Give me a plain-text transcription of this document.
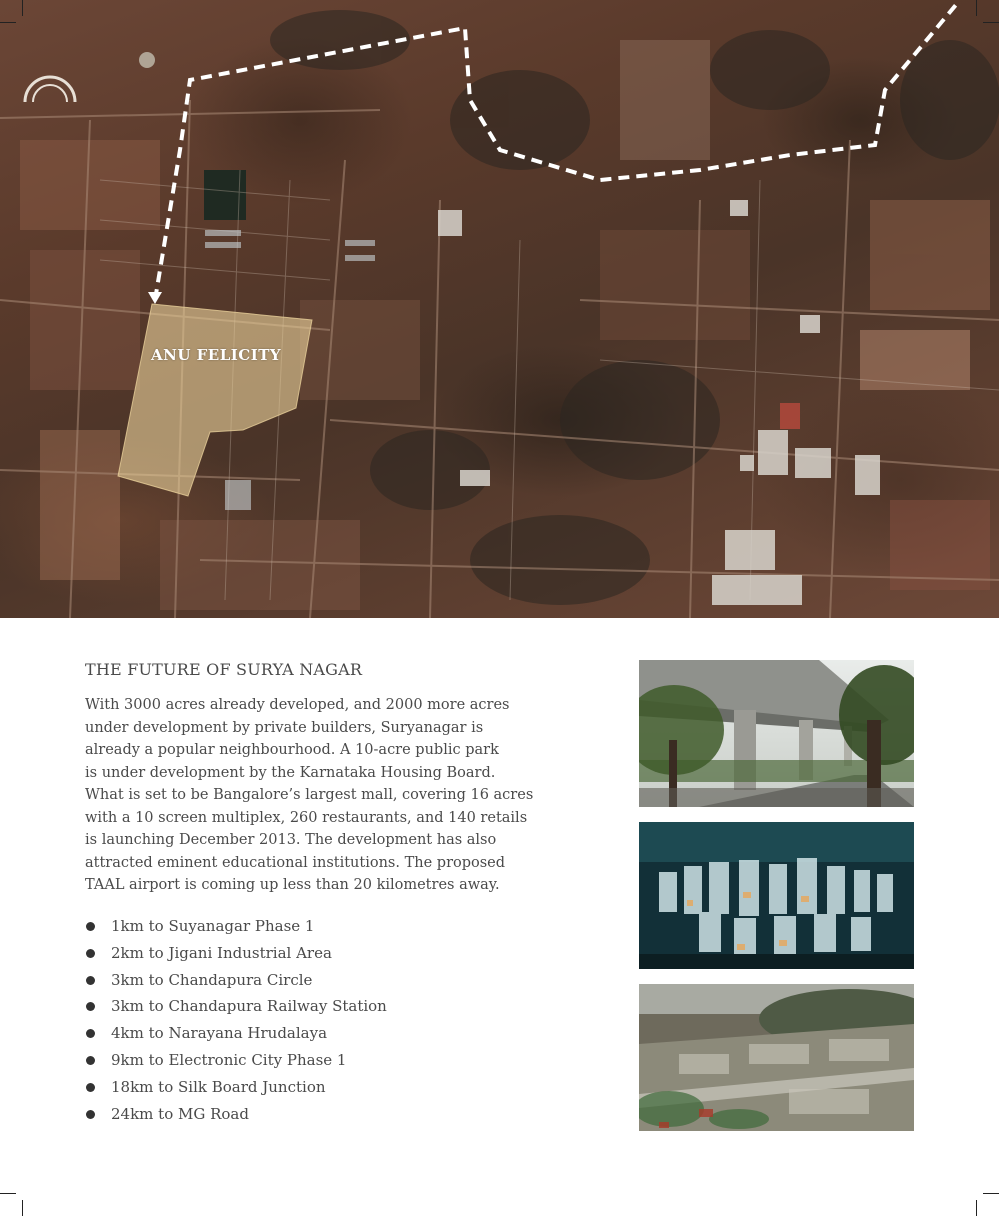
ANU FELICITY
THE FUTURE OF SURYA NAGAR
With 3000 acres already developed, and 2000 more acres
under development by private builders, Suryanagar is
already a popular neighbourhood. A 10-acre public park
is under development by the Karnataka Housing Board.
What is set to be Bangalore’s largest mall, covering 16 acres
with a 10 screen multiplex, 260 restaurants, and 140 retails
is launching December 2013. The development has also
attracted eminent educational institutions. The proposed
TAAL airport is coming up less than 20 kilometres away.
1km to Suyanagar Phase 1
2km to Jigani Industrial Area
3km to Chandapura Circle
3km to Chandapura Railway Station
4km to Narayana Hrudalaya
9km to Electronic City Phase 1
18km to Silk Board Junction
24km to MG Road
